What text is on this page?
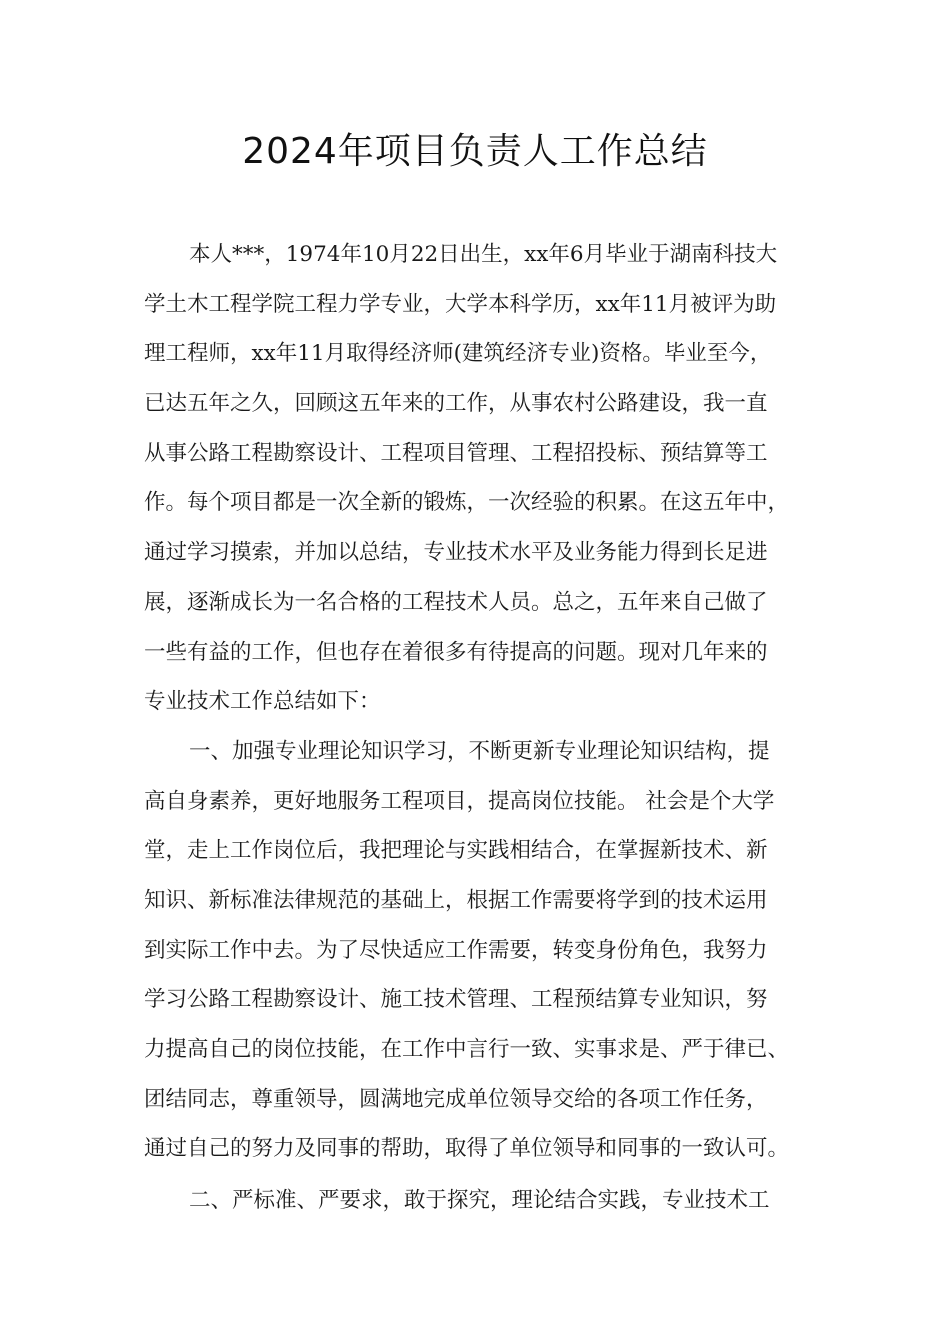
2024年项目负责人工作总结
本人***，1974年10月22日出生，xx年6月毕业于湖南科技大
学土木工程学院工程力学专业，大学本科学历，xx年11月被评为助
理工程师，xx年11月取得经济师(建筑经济专业)资格。毕业至今，
已达五年之久，回顾这五年来的工作，从事农村公路建设，我一直
从事公路工程勘察设计、工程项目管理、工程招投标、预结算等工
作。每个项目都是一次全新的锻炼，一次经验的积累。在这五年中，
通过学习摸索，并加以总结，专业技术水平及业务能力得到长足进
展，逐渐成长为一名合格的工程技术人员。总之，五年来自己做了
一些有益的工作，但也存在着很多有待提高的问题。现对几年来的
专业技术工作总结如下：
一、加强专业理论知识学习，不断更新专业理论知识结构，提
高自身素养，更好地服务工程项目，提高岗位技能。 社会是个大学
堂，走上工作岗位后，我把理论与实践相结合，在掌握新技术、新
知识、新标准法律规范的基础上，根据工作需要将学到的技术运用
到实际工作中去。为了尽快适应工作需要，转变身份角色，我努力
学习公路工程勘察设计、施工技术管理、工程预结算专业知识，努
力提高自己的岗位技能，在工作中言行一致、实事求是、严于律已、
团结同志，尊重领导，圆满地完成单位领导交给的各项工作任务，
通过自己的努力及同事的帮助，取得了单位领导和同事的一致认可。
二、严标准、严要求，敢于探究，理论结合实践，专业技术工
